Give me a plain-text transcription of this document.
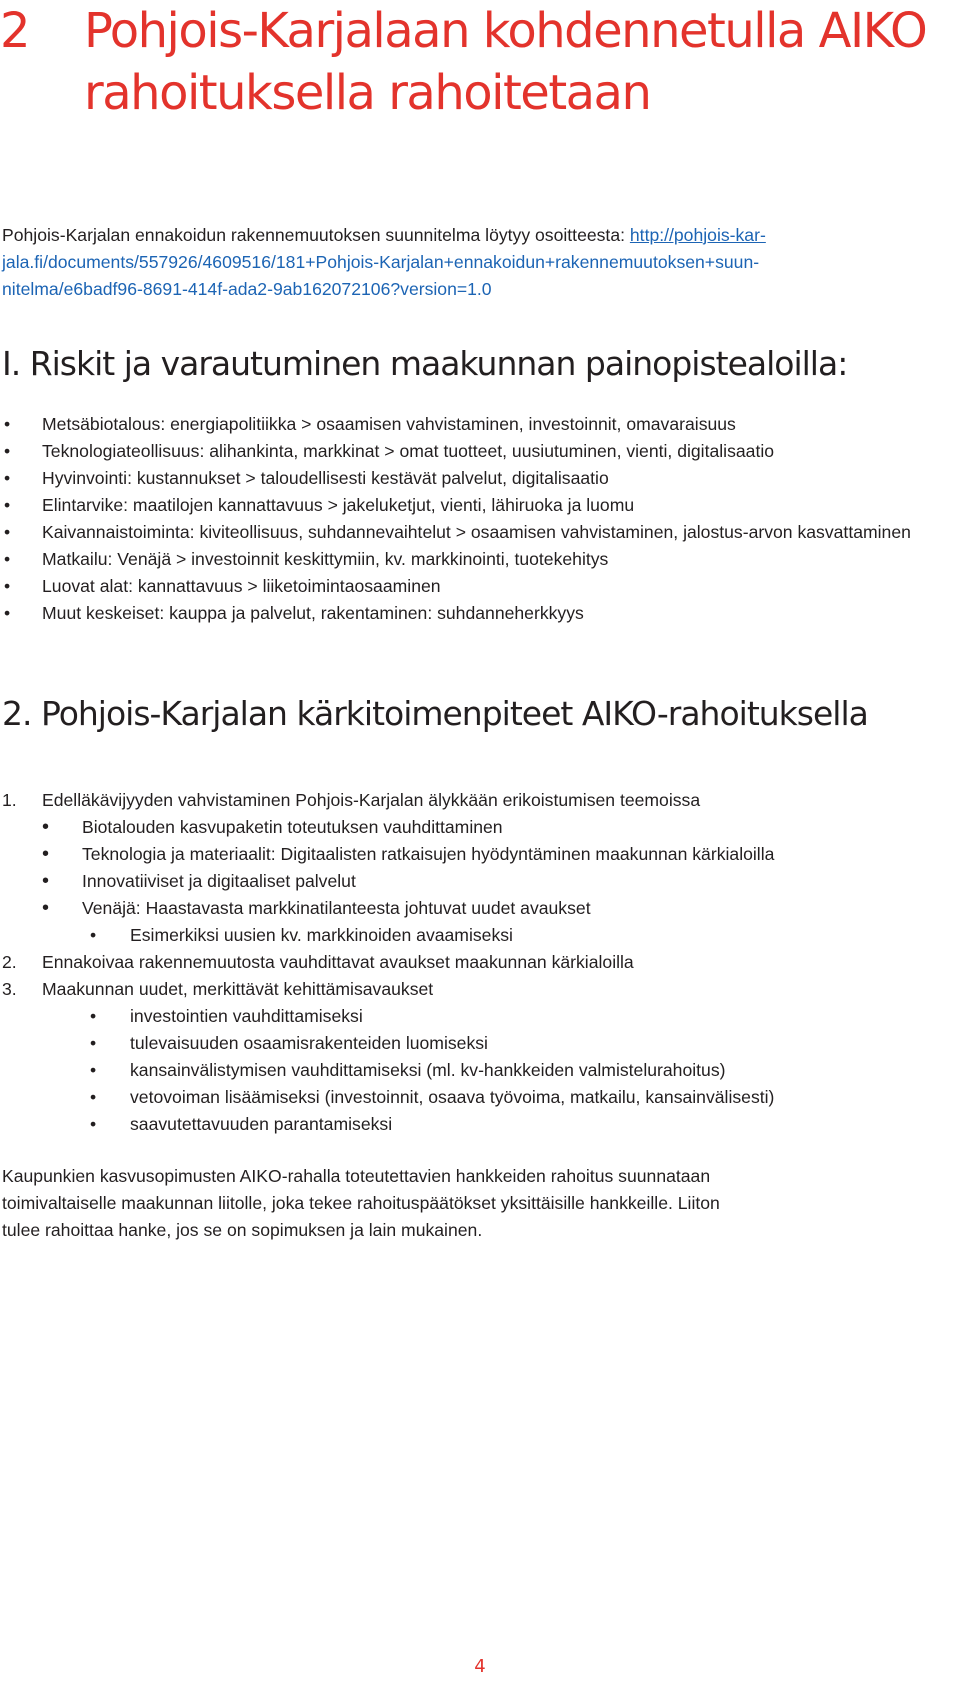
2 Pohjois-Karjalaan kohdennetulla AIKO
rahoituksella rahoitetaan

Pohjois-Karjalan ennakoidun rakennemuutoksen suunnitelma löytyy osoitteesta: http://pohjois-kar-
jala.fi/documents/557926/4609516/181+Pohjois-Karjalan+ennakoidun+rakennemuutoksen+suun-
nitelma/e6badf96-8691-414f-ada2-9ab162072106?version=1.0

I. Riskit ja varautuminen maakunnan painopistealoilla:
• Metsäbiotalous: energiapolitiikka > osaamisen vahvistaminen, investoinnit, omavaraisuus
• Teknologiateollisuus: alihankinta, markkinat > omat tuotteet, uusiutuminen, vienti, digitalisaatio
• Hyvinvointi: kustannukset > taloudellisesti kestävät palvelut, digitalisaatio
• Elintarvike: maatilojen kannattavuus > jakeluketjut, vienti, lähiruoka ja luomu
• Kaivannaistoiminta: kiviteollisuus, suhdannevaihtelut > osaamisen vahvistaminen, jalostus-arvon kasvattaminen
• Matkailu: Venäjä > investoinnit keskittymiin, kv. markkinointi, tuotekehitys
• Luovat alat: kannattavuus > liiketoimintaosaaminen
• Muut keskeiset: kauppa ja palvelut, rakentaminen: suhdanneherkkyys
2. Pohjois-Karjalan kärkitoimenpiteet AIKO-rahoituksella
1. Edelläkävijyyden vahvistaminen Pohjois-Karjalan älykkään erikoistumisen teemoissa
• Biotalouden kasvupaketin toteutuksen vauhdittaminen
• Teknologia ja materiaalit: Digitaalisten ratkaisujen hyödyntäminen maakunnan kärkialoilla
• Innovatiiviset ja digitaaliset palvelut
• Venäjä: Haastavasta markkinatilanteesta johtuvat uudet avaukset
• Esimerkiksi uusien kv. markkinoiden avaamiseksi
2. Ennakoivaa rakennemuutosta vauhdittavat avaukset maakunnan kärkialoilla
3. Maakunnan uudet, merkittävät kehittämisavaukset
• investointien vauhdittamiseksi
• tulevaisuuden osaamisrakenteiden luomiseksi
• kansainvälistymisen vauhdittamiseksi (ml. kv-hankkeiden valmistelurahoitus)
• vetovoiman lisäämiseksi (investoinnit, osaava työvoima, matkailu, kansainvälisesti)
• saavutettavuuden parantamiseksi

Kaupunkien kasvusopimusten AIKO-rahalla toteutettavien hankkeiden rahoitus suunnataan
toimivaltaiselle maakunnan liitolle, joka tekee rahoituspäätökset yksittäisille hankkeille. Liiton
tulee rahoittaa hanke, jos se on sopimuksen ja lain mukainen.

4
